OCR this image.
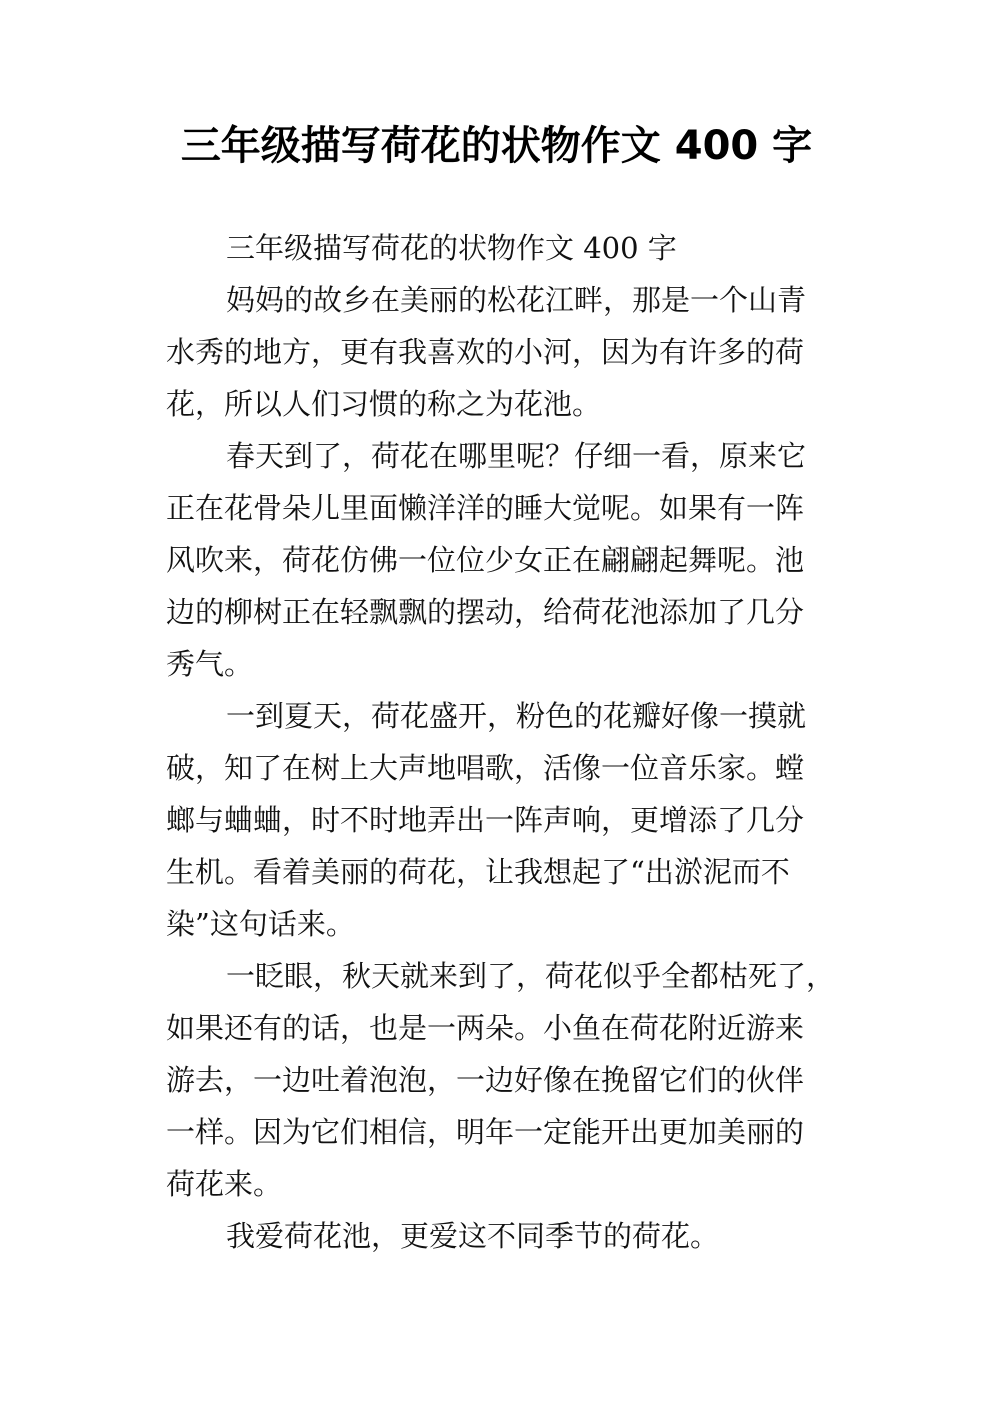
三年级描写荷花的状物作文 400 字
三年级描写荷花的状物作文 400 字
妈妈的故乡在美丽的松花江畔，那是一个山青
水秀的地方，更有我喜欢的小河，因为有许多的荷
花，所以人们习惯的称之为花池。
春天到了，荷花在哪里呢？仔细一看，原来它
正在花骨朵儿里面懒洋洋的睡大觉呢。如果有一阵
风吹来，荷花仿佛一位位少女正在翩翩起舞呢。池
边的柳树正在轻飘飘的摆动，给荷花池添加了几分
秀气。
一到夏天，荷花盛开，粉色的花瓣好像一摸就
破，知了在树上大声地唱歌，活像一位音乐家。螳
螂与蛐蛐，时不时地弄出一阵声响，更增添了几分
生机。看着美丽的荷花，让我想起了“出淤泥而不
染”这句话来。
一眨眼，秋天就来到了，荷花似乎全都枯死了，
如果还有的话，也是一两朵。小鱼在荷花附近游来
游去，一边吐着泡泡，一边好像在挽留它们的伙伴
一样。因为它们相信，明年一定能开出更加美丽的
荷花来。
我爱荷花池，更爱这不同季节的荷花。
